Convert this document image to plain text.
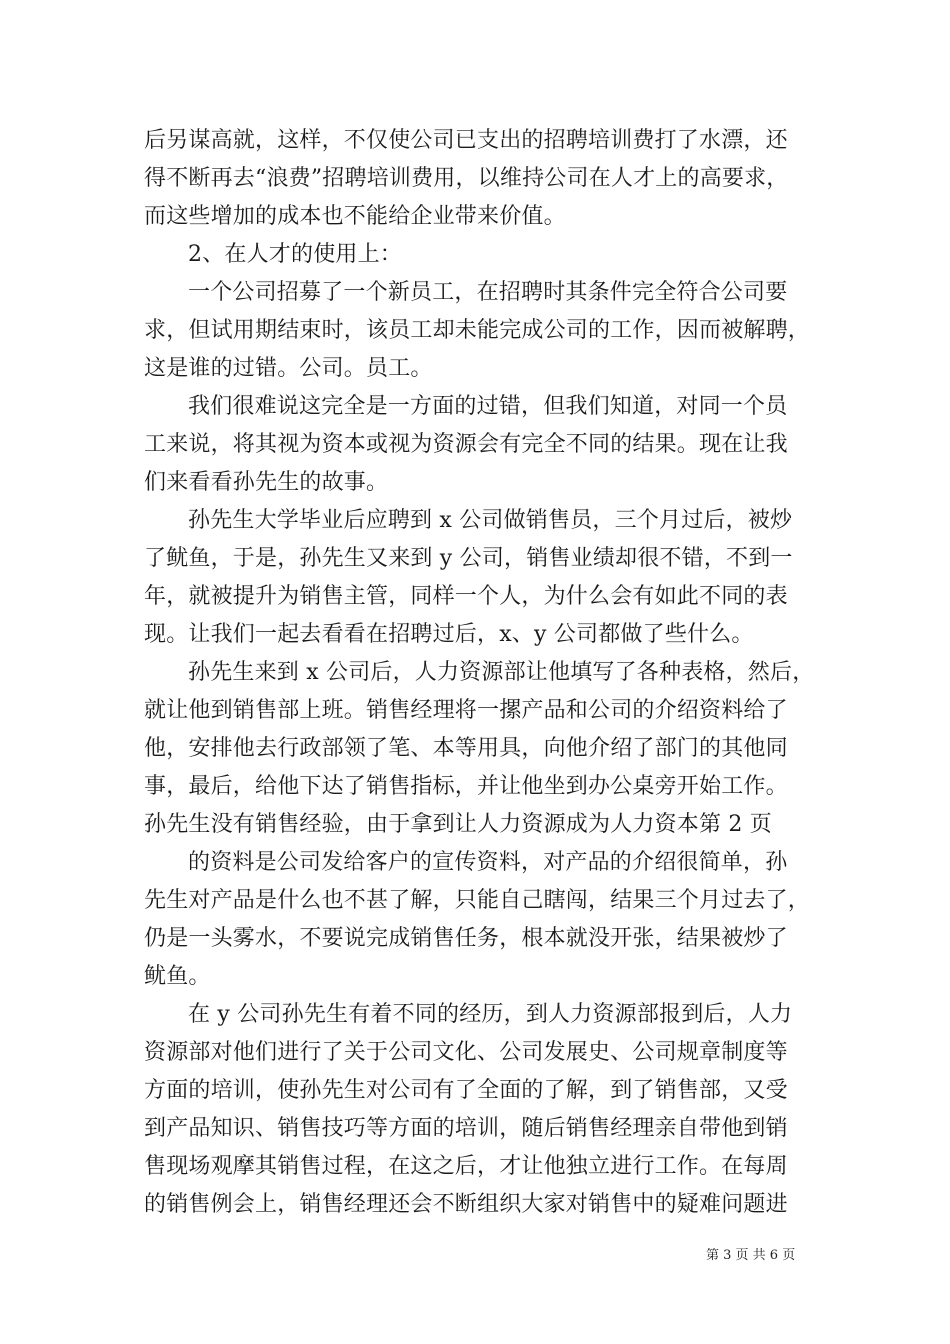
后另谋高就，这样，不仅使公司已支出的招聘培训费打了水漂，还
得不断再去“浪费”招聘培训费用，以维持公司在人才上的高要求，
而这些增加的成本也不能给企业带来价值。
2、在人才的使用上：
一个公司招募了一个新员工，在招聘时其条件完全符合公司要
求，但试用期结束时，该员工却未能完成公司的工作，因而被解聘，
这是谁的过错。公司。员工。
我们很难说这完全是一方面的过错，但我们知道，对同一个员
工来说，将其视为资本或视为资源会有完全不同的结果。现在让我
们来看看孙先生的故事。
孙先生大学毕业后应聘到 x 公司做销售员，三个月过后，被炒
了鱿鱼，于是，孙先生又来到 y 公司，销售业绩却很不错，不到一
年，就被提升为销售主管，同样一个人，为什么会有如此不同的表
现。让我们一起去看看在招聘过后，x、y 公司都做了些什么。
孙先生来到 x 公司后，人力资源部让他填写了各种表格，然后，
就让他到销售部上班。销售经理将一摞产品和公司的介绍资料给了
他，安排他去行政部领了笔、本等用具，向他介绍了部门的其他同
事，最后，给他下达了销售指标，并让他坐到办公桌旁开始工作。
孙先生没有销售经验，由于拿到让人力资源成为人力资本第 2 页
的资料是公司发给客户的宣传资料，对产品的介绍很简单，孙
先生对产品是什么也不甚了解，只能自己瞎闯，结果三个月过去了，
仍是一头雾水，不要说完成销售任务，根本就没开张，结果被炒了
鱿鱼。
在 y 公司孙先生有着不同的经历，到人力资源部报到后，人力
资源部对他们进行了关于公司文化、公司发展史、公司规章制度等
方面的培训，使孙先生对公司有了全面的了解，到了销售部，又受
到产品知识、销售技巧等方面的培训，随后销售经理亲自带他到销
售现场观摩其销售过程，在这之后，才让他独立进行工作。在每周
的销售例会上，销售经理还会不断组织大家对销售中的疑难问题进
第 3 页 共 6 页
